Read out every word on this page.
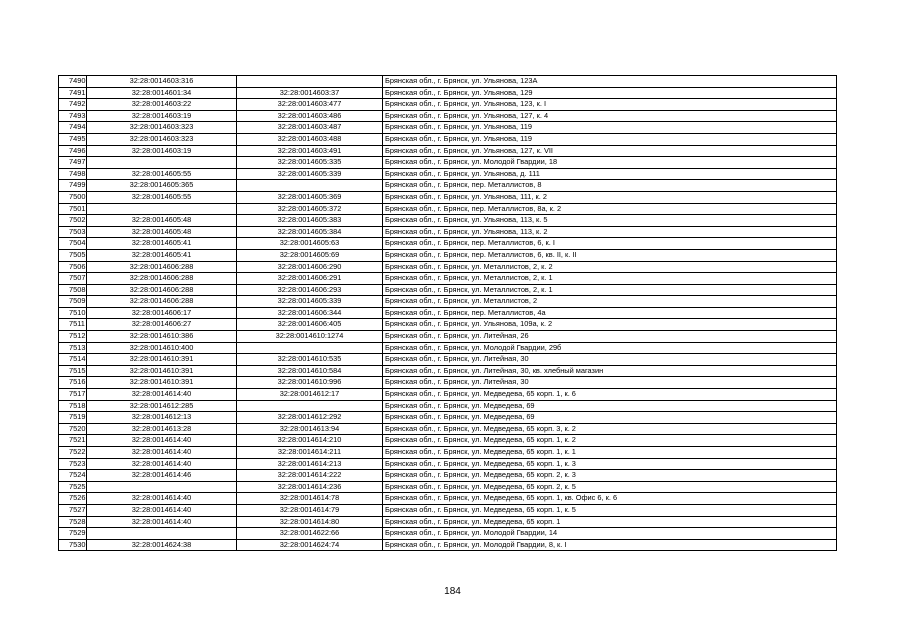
7490	32:28:0014603:316		Брянская обл., г. Брянск, ул. Ульянова, 123А
7491	32:28:0014601:34	32:28:0014603:37	Брянская обл., г. Брянск, ул. Ульянова, 129
7492	32:28:0014603:22	32:28:0014603:477	Брянская обл., г. Брянск, ул. Ульянова, 123, к. I
7493	32:28:0014603:19	32:28:0014603:486	Брянская обл., г. Брянск, ул. Ульянова, 127, к. 4
7494	32:28:0014603:323	32:28:0014603:487	Брянская обл., г. Брянск, ул. Ульянова, 119
7495	32:28:0014603:323	32:28:0014603:488	Брянская обл., г. Брянск, ул. Ульянова, 119
7496	32:28:0014603:19	32:28:0014603:491	Брянская обл., г. Брянск, ул. Ульянова, 127, к. VII
7497		32:28:0014605:335	Брянская обл., г. Брянск, ул. Молодой Гвардии, 18
7498	32:28:0014605:55	32:28:0014605:339	Брянская обл., г. Брянск, ул. Ульянова, д. 111
7499	32:28:0014605:365		Брянская обл., г. Брянск, пер. Металлистов, 8
7500	32:28:0014605:55	32:28:0014605:369	Брянская обл., г. Брянск, ул. Ульянова, 111, к. 2
7501		32:28:0014605:372	Брянская обл., г. Брянск, пер. Металлистов, 8а, к. 2
7502	32:28:0014605:48	32:28:0014605:383	Брянская обл., г. Брянск, ул. Ульянова, 113, к. 5
7503	32:28:0014605:48	32:28:0014605:384	Брянская обл., г. Брянск, ул. Ульянова, 113, к. 2
7504	32:28:0014605:41	32:28:0014605:63	Брянская обл., г. Брянск, пер. Металлистов, 6, к. I
7505	32:28:0014605:41	32:28:0014605:69	Брянская обл., г. Брянск, пер. Металлистов, 6, кв. II, к. II
7506	32:28:0014606:288	32:28:0014606:290	Брянская обл., г. Брянск, ул. Металлистов, 2, к. 2
7507	32:28:0014606:288	32:28:0014606:291	Брянская обл., г. Брянск, ул. Металлистов, 2, к. 1
7508	32:28:0014606:288	32:28:0014606:293	Брянская обл., г. Брянск, ул. Металлистов, 2, к. 1
7509	32:28:0014606:288	32:28:0014605:339	Брянская обл., г. Брянск, ул. Металлистов, 2
7510	32:28:0014606:17	32:28:0014606:344	Брянская обл., г. Брянск, пер. Металлистов, 4а
7511	32:28:0014606:27	32:28:0014606:405	Брянская обл., г. Брянск, ул. Ульянова, 109а, к. 2
7512	32:28:0014610:386	32:28:0014610:1274	Брянская обл., г. Брянск, ул. Литейная, 26
7513	32:28:0014610:400		Брянская обл., г. Брянск, ул. Молодой Гвардии, 29б
7514	32:28:0014610:391	32:28:0014610:535	Брянская обл., г. Брянск, ул. Литейная, 30
7515	32:28:0014610:391	32:28:0014610:584	Брянская обл., г. Брянск, ул. Литейная, 30, кв. хлебный магазин
7516	32:28:0014610:391	32:28:0014610:996	Брянская обл., г. Брянск, ул. Литейная, 30
7517	32:28:0014614:40	32:28:0014612:17	Брянская обл., г. Брянск, ул. Медведева, 65 корп. 1, к. 6
7518	32:28:0014612:285		Брянская обл., г. Брянск, ул. Медведева, 69
7519	32:28:0014612:13	32:28:0014612:292	Брянская обл., г. Брянск, ул. Медведева, 69
7520	32:28:0014613:28	32:28:0014613:94	Брянская обл., г. Брянск, ул. Медведева, 65 корп. 3, к. 2
7521	32:28:0014614:40	32:28:0014614:210	Брянская обл., г. Брянск, ул. Медведева, 65 корп. 1, к. 2
7522	32:28:0014614:40	32:28:0014614:211	Брянская обл., г. Брянск, ул. Медведева, 65 корп. 1, к. 1
7523	32:28:0014614:40	32:28:0014614:213	Брянская обл., г. Брянск, ул. Медведева, 65 корп. 1, к. 3
7524	32:28:0014614:46	32:28:0014614:222	Брянская обл., г. Брянск, ул. Медведева, 65 корп. 2, к. 3
7525		32:28:0014614:236	Брянская обл., г. Брянск, ул. Медведева, 65 корп. 2, к. 5
7526	32:28:0014614:40	32:28:0014614:78	Брянская обл., г. Брянск, ул. Медведева, 65 корп. 1, кв. Офис 6, к. 6
7527	32:28:0014614:40	32:28:0014614:79	Брянская обл., г. Брянск, ул. Медведева, 65 корп. 1, к. 5
7528	32:28:0014614:40	32:28:0014614:80	Брянская обл., г. Брянск, ул. Медведева, 65 корп. 1
7529		32:28:0014622:66	Брянская обл., г. Брянск, ул. Молодой Гвардии, 14
7530	32:28:0014624:38	32:28:0014624:74	Брянская обл., г. Брянск, ул. Молодой Гвардии, 8, к. I
184
